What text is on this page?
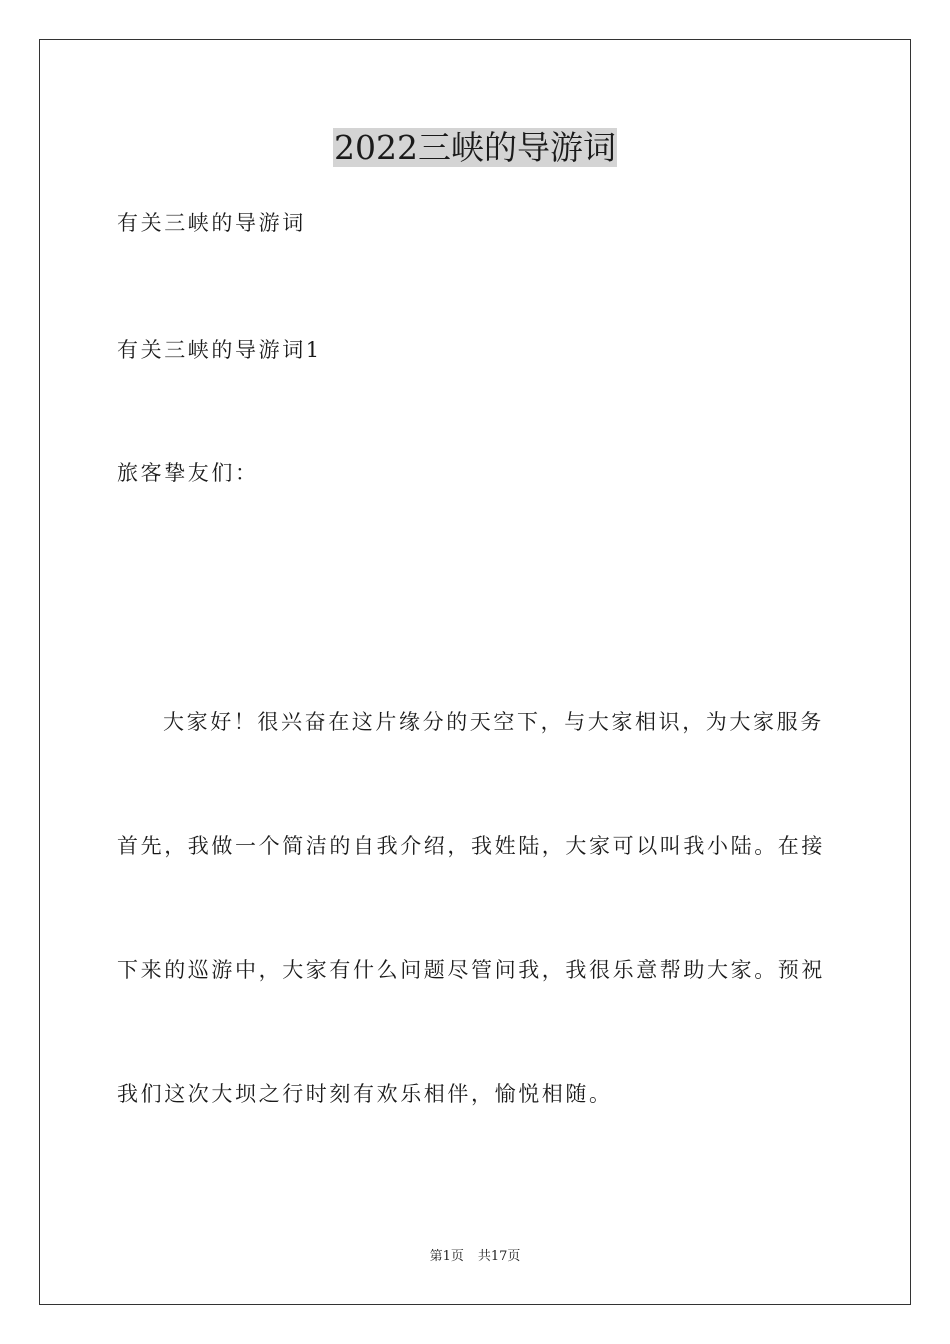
2022三峡的导游词
有关三峡的导游词
有关三峡的导游词1
旅客挚友们：
大家好！很兴奋在这片缘分的天空下，与大家相识，为大家服务
首先，我做一个简洁的自我介绍，我姓陆，大家可以叫我小陆。在接
下来的巡游中，大家有什么问题尽管问我，我很乐意帮助大家。预祝
我们这次大坝之行时刻有欢乐相伴，愉悦相随。
第1页 共17页
